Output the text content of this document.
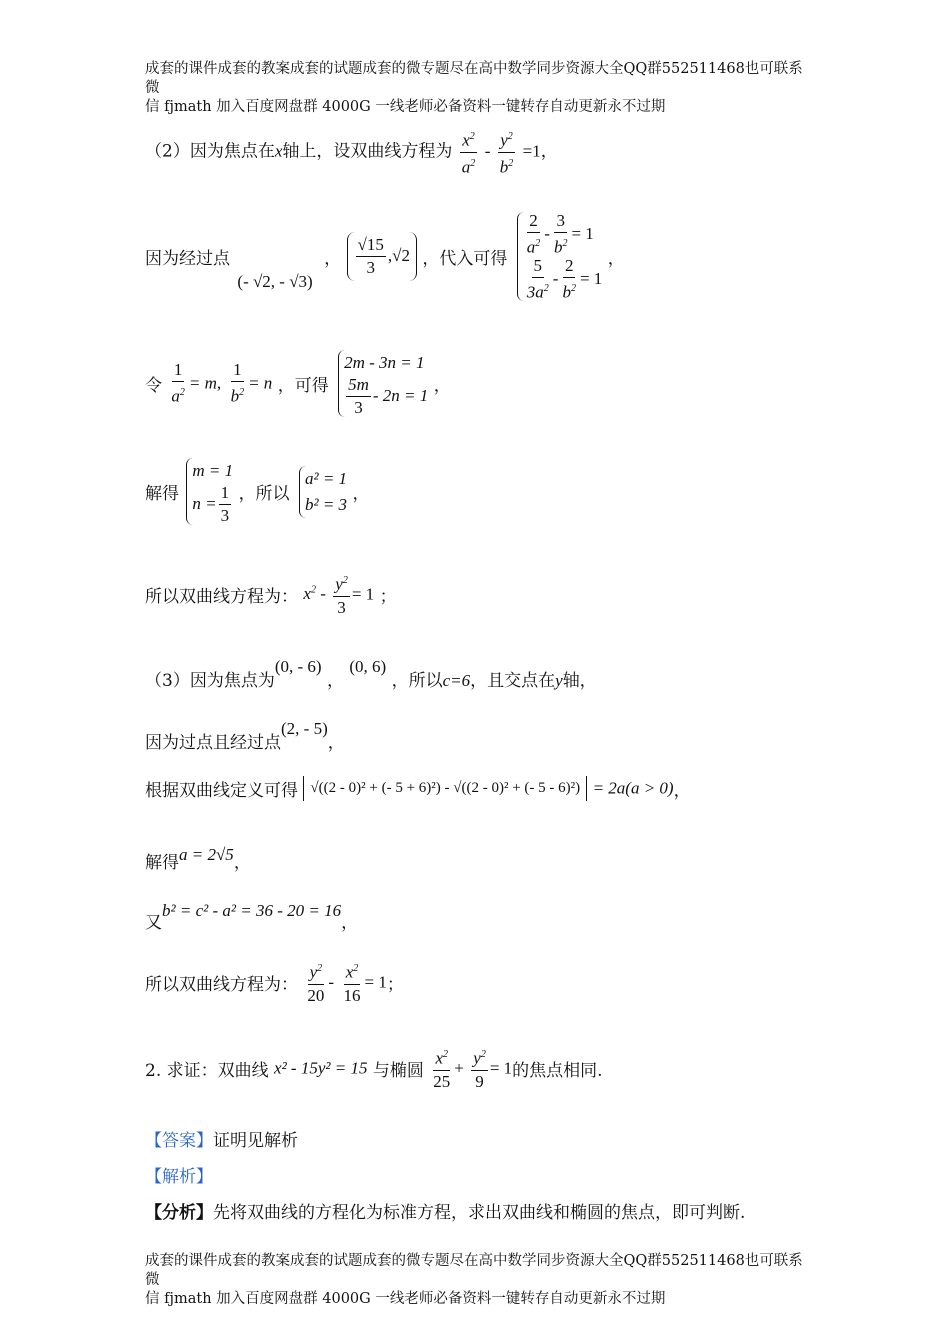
成套的课件成套的教案成套的试题成套的微专题尽在高中数学同步资源大全QQ群552511468也可联系微
信 fjmath 加入百度网盘群 4000G 一线老师必备资料一键转存自动更新永不过期
（2）因为焦点在x轴上，设双曲线方程为 $\frac{x^2}{a^2} - \frac{y^2}{b^2} =1$，
因为经过点 (- √2, - √3) ， $\frac{√15}{3} ,√2$ ，代入可得
$\frac{2}{a^2} - \frac{3}{b^2} = 1$
$\frac{5}{3a^2} - \frac{2}{b^2} = 1$
，
令 $\frac{1}{a^2} = m$, $\frac{1}{b^2} = n$ ，可得
2m - 3n = 1
$\frac{5m}{3} - 2n = 1$ ，
解得
m = 1
$n = \frac{1}{3}$ ，所以
a² = 1
b² = 3 ，
所以双曲线方程为： $x^2 - \frac{y^2}{3} = 1$ ；
（3）因为焦点为(0, - 6) ， (0, 6) ，所以c=6，且交点在y轴，
因为过点且经过点(2, - 5)，
根据双曲线定义可得 √((2 - 0)² + (- 5 + 6)²) - √((2 - 0)² + (- 5 - 6)²) = 2a(a > 0)，
解得a = 2√5，
又b² = c² - a² = 36 - 20 = 16，
所以双曲线方程为： $\frac{y^2}{20} - \frac{x^2}{16} = 1$；
2. 求证：双曲线 x² - 15y² = 15 与椭圆 $\frac{x^2}{25} + \frac{y^2}{9} = 1$的焦点相同.
【答案】证明见解析
【解析】
【分析】先将双曲线的方程化为标准方程，求出双曲线和椭圆的焦点，即可判断.
成套的课件成套的教案成套的试题成套的微专题尽在高中数学同步资源大全QQ群552511468也可联系微
信 fjmath 加入百度网盘群 4000G 一线老师必备资料一键转存自动更新永不过期
